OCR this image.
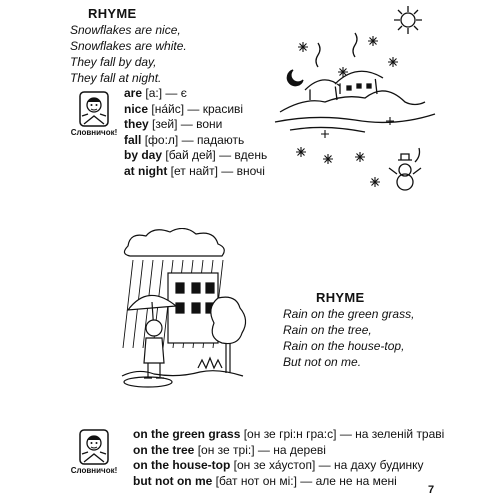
RHYME
Snowflakes are nice,
Snowflakes are white.
They fall by day,
They fall at night.
Словничок!
are [a:] — є
nice [на́йс] — красиві
they [зей] — вони
fall [фо:л] — падають
by day [бай дей] — вдень
at night [ет найт] — вночі
RHYME
Rain on the green grass,
Rain on the tree,
Rain on the house-top,
But not on me.
Словничок!
on the green grass [он зе грі:н гра:с] — на зеленій траві
on the tree [он зе трі:] — на дереві
on the house-top [он зе ха́устоп] — на даху будинку
but not on me [бат нот он мі:] — але не на мені
7
